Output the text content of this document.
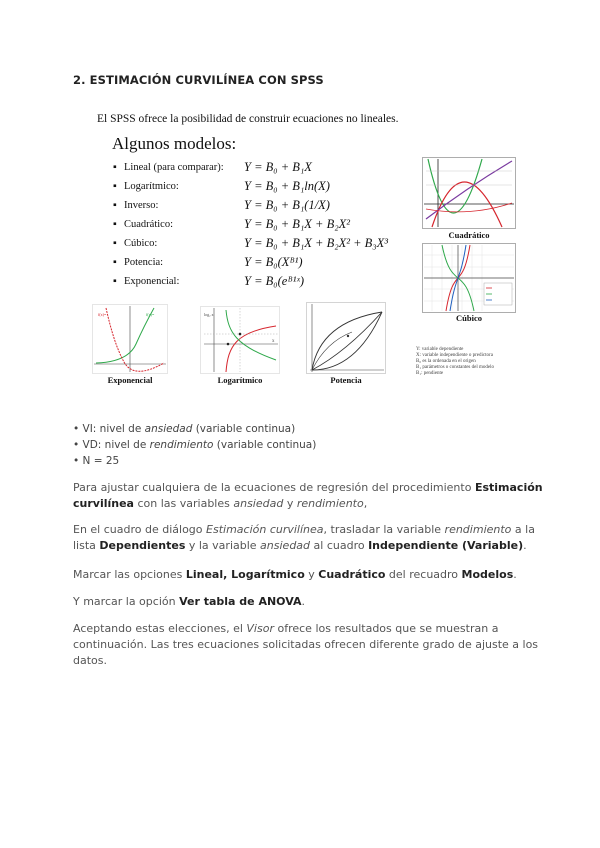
2. ESTIMACIÓN CURVILÍNEA CON SPSS
El SPSS ofrece la posibilidad de construir ecuaciones no lineales.
Algunos modelos:
▪ Lineal (para comparar): Y = B₀ + B₁X
▪ Logarítmico:	Y = B₀ + B₁ln(X)
▪ Inverso:	Y = B₀ + B₁(1/X)
▪ Cuadrático:	Y = B₀ + B₁X + B₂X²
▪ Cúbico:	Y = B₀ + B₁X + B₂X² + B₃X³
▪ Potencia:	Y = B₀(Xᴮ¹)
▪ Exponencial:	Y = B₀(eᴮ¹ˣ)
Cuadrático
Cúbico
f(x)=	f(x)=
Exponencial
log₂ x
x
Logarítmico	Potencia
Y: variable dependiente
X: variable independiente o predictora
B₀ es la ordenada en el origen
B₁ parámetros o constantes del modelo
B₁: pendiente
• VI: nivel de ansiedad (variable continua)
• VD: nivel de rendimiento (variable continua)
• N = 25
Para ajustar cualquiera de la ecuaciones de regresión del procedimiento Estimación curvilínea con las variables ansiedad y rendimiento,
En el cuadro de diálogo Estimación curvilínea, trasladar la variable rendimiento a la lista Dependientes y la variable ansiedad al cuadro Independiente (Variable).
Marcar las opciones Lineal, Logarítmico y Cuadrático del recuadro Modelos.
Y marcar la opción Ver tabla de ANOVA.
Aceptando estas elecciones, el Visor ofrece los resultados que se muestran a continuación. Las tres ecuaciones solicitadas ofrecen diferente grado de ajuste a los datos.
